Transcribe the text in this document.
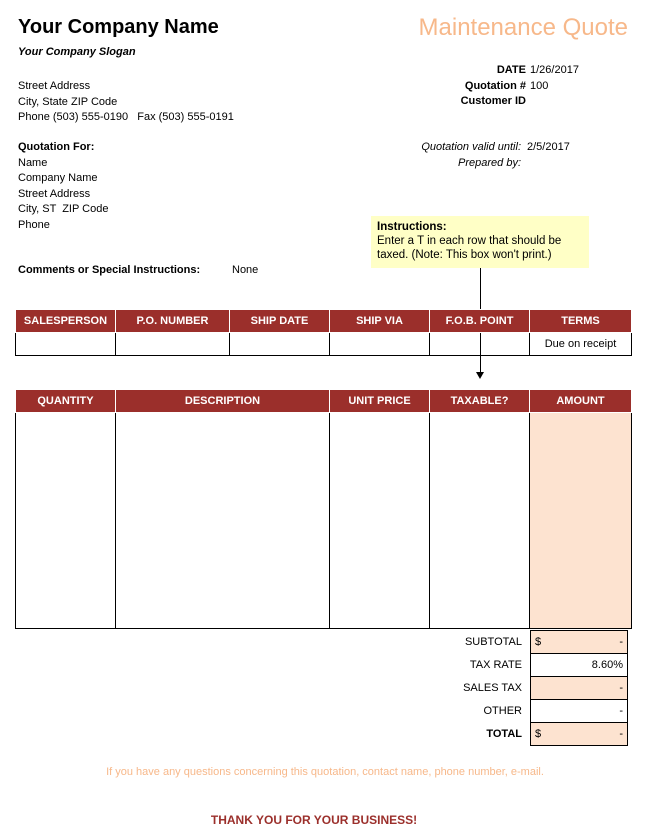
Your Company Name
Your Company Slogan
Maintenance Quote
Street Address
City, State ZIP Code
Phone (503) 555-0190   Fax (503) 555-0191
DATE 1/26/2017
Quotation # 100
Customer ID
Quotation For:
Name
Company Name
Street Address
City, ST  ZIP Code
Phone
Quotation valid until: 2/5/2017
Prepared by:
Instructions:
Enter a T in each row that should be taxed. (Note: This box won't print.)
Comments or Special Instructions:	None
SALESPERSON	P.O. NUMBER	SHIP DATE	SHIP VIA	F.O.B. POINT	TERMS
					Due on receipt
QUANTITY	DESCRIPTION	UNIT PRICE	TAXABLE?	AMOUNT

SUBTOTAL	$ -

TAX RATE	8.60%
SALES TAX	-
OTHER	-
TOTAL	$ -
If you have any questions concerning this quotation, contact name, phone number, e-mail.
THANK YOU FOR YOUR BUSINESS!
